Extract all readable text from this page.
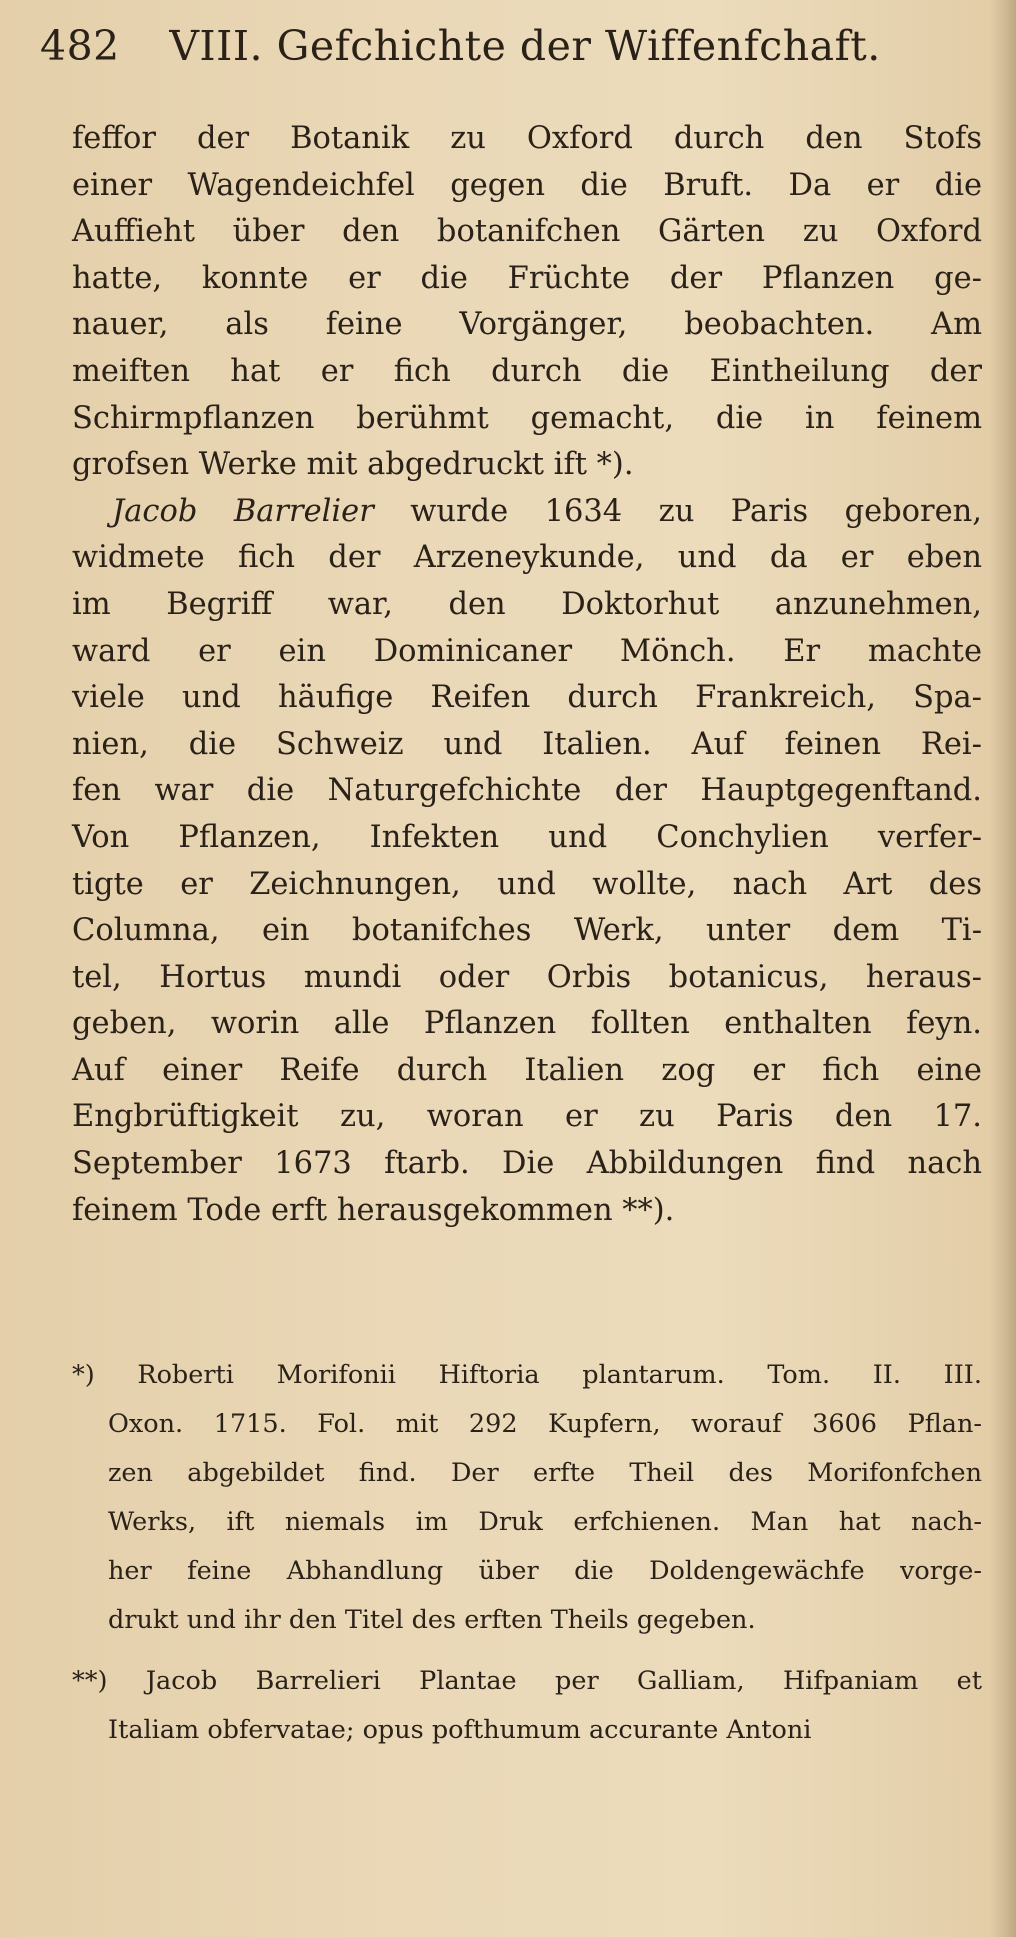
482 VIII. Gefchichte der Wiffenfchaft.
feffor der Botanik zu Oxford durch den Stofs
einer Wagendeichfel gegen die Bruft. Da er die
Auffieht über den botanifchen Gärten zu Oxford
hatte, konnte er die Früchte der Pflanzen ge-
nauer, als feine Vorgänger, beobachten. Am
meiften hat er fich durch die Eintheilung der
Schirmpflanzen berühmt gemacht, die in feinem
grofsen Werke mit abgedruckt ift *).
Jacob Barrelier wurde 1634 zu Paris geboren,
widmete fich der Arzeneykunde, und da er eben
im Begriff war, den Doktorhut anzunehmen,
ward er ein Dominicaner Mönch. Er machte
viele und häufige Reifen durch Frankreich, Spa-
nien, die Schweiz und Italien. Auf feinen Rei-
fen war die Naturgefchichte der Hauptgegenftand.
Von Pflanzen, Infekten und Conchylien verfer-
tigte er Zeichnungen, und wollte, nach Art des
Columna, ein botanifches Werk, unter dem Ti-
tel, Hortus mundi oder Orbis botanicus, heraus-
geben, worin alle Pflanzen follten enthalten feyn.
Auf einer Reife durch Italien zog er fich eine
Engbrüftigkeit zu, woran er zu Paris den 17.
September 1673 ftarb. Die Abbildungen find nach
feinem Tode erft herausgekommen **).
*) Roberti Morifonii Hiftoria plantarum. Tom. II. III.
Oxon. 1715. Fol. mit 292 Kupfern, worauf 3606 Pflan-
zen abgebildet find. Der erfte Theil des Morifonfchen
Werks, ift niemals im Druk erfchienen. Man hat nach-
her feine Abhandlung über die Doldengewächfe vorge-
drukt und ihr den Titel des erften Theils gegeben.
**) Jacob Barrelieri Plantae per Galliam, Hifpaniam et
Italiam obfervatae; opus pofthumum accurante Antoni
